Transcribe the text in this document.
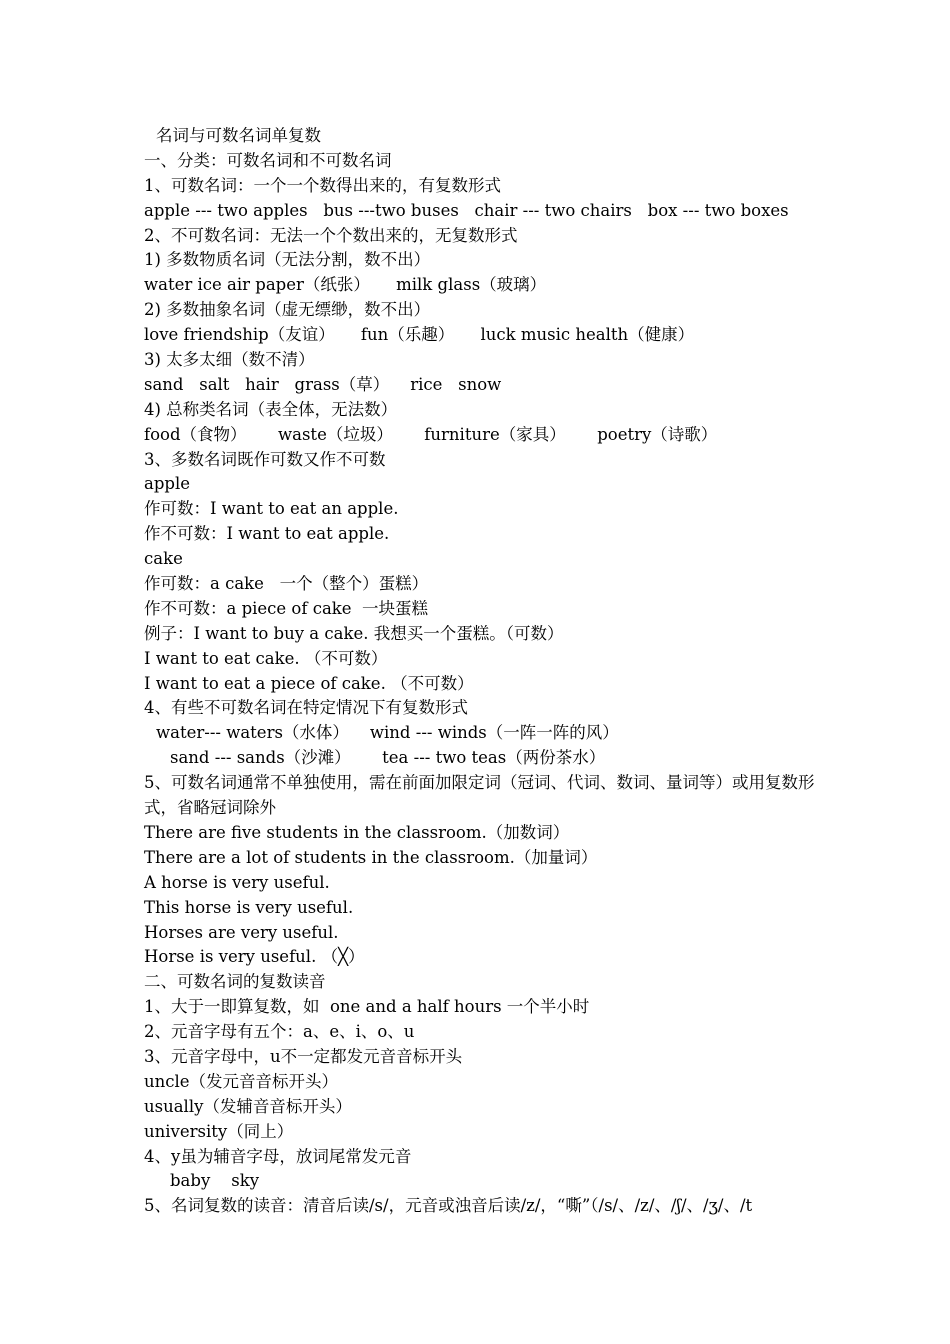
名词与可数名词单复数
一、分类：可数名词和不可数名词
1、可数名词：一个一个数得出来的，有复数形式
apple --- two apples   bus ---two buses   chair --- two chairs   box --- two boxes
2、不可数名词：无法一个个数出来的，无复数形式
1) 多数物质名词（无法分割，数不出）
water ice air paper（纸张）     milk glass（玻璃）
2) 多数抽象名词（虚无缥缈，数不出）
love friendship（友谊）     fun（乐趣）     luck music health（健康）
3) 太多太细（数不清）
sand   salt   hair   grass（草）    rice   snow
4) 总称类名词（表全体，无法数）
food（食物）      waste（垃圾）      furniture（家具）      poetry（诗歌）
3、多数名词既作可数又作不可数
apple
作可数：I want to eat an apple.
作不可数：I want to eat apple.
cake
作可数：a cake   一个（整个）蛋糕）
作不可数：a piece of cake  一块蛋糕
例子：I want to buy a cake. 我想买一个蛋糕。（可数）
I want to eat cake. （不可数）
I want to eat a piece of cake. （不可数）
4、有些不可数名词在特定情况下有复数形式
water--- waters（水体）    wind --- winds（一阵一阵的风）
sand --- sands（沙滩）      tea --- two teas（两份茶水）
5、可数名词通常不单独使用，需在前面加限定词（冠词、代词、数词、量词等）或用复数形式，省略冠词除外
There are five students in the classroom.（加数词）
There are a lot of students in the classroom.（加量词）
A horse is very useful.
This horse is very useful.
Horses are very useful.
Horse is very useful. （╳）
二、可数名词的复数读音
1、大于一即算复数，如  one and a half hours 一个半小时
2、元音字母有五个：a、e、i、o、u
3、元音字母中，u不一定都发元音音标开头
uncle（发元音音标开头）
usually（发辅音音标开头）
university（同上）
4、y虽为辅音字母，放词尾常发元音
baby    sky
5、名词复数的读音：清音后读/s/，元音或浊音后读/z/，“嘶”（/s/、/z/、/ʃ/、/ʒ/、/t
